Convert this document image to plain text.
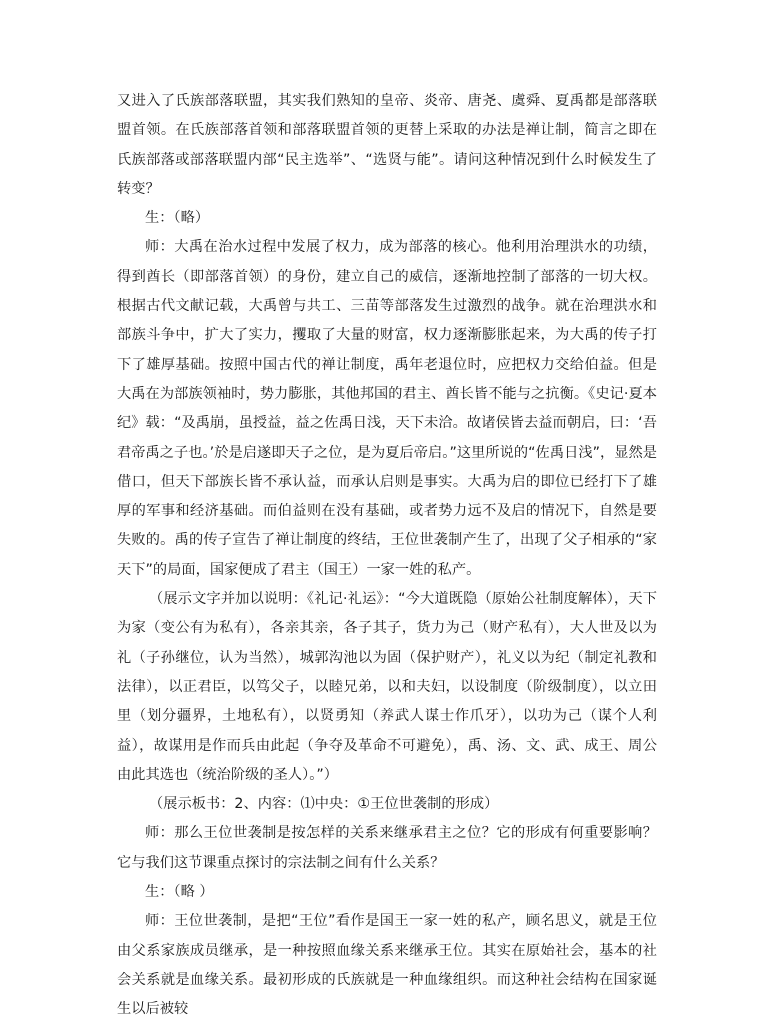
又进入了氏族部落联盟，其实我们熟知的皇帝、炎帝、唐尧、虞舜、夏禹都是部落联盟首领。在氏族部落首领和部落联盟首领的更替上采取的办法是禅让制，简言之即在氏族部落或部落联盟内部“民主选举”、“选贤与能”。请问这种情况到什么时候发生了转变？

生：（略）

师：大禹在治水过程中发展了权力，成为部落的核心。他利用治理洪水的功绩，得到酋长（即部落首领）的身份，建立自己的威信，逐渐地控制了部落的一切大权。根据古代文献记载，大禹曾与共工、三苗等部落发生过激烈的战争。就在治理洪水和部族斗争中，扩大了实力，攫取了大量的财富，权力逐渐膨胀起来，为大禹的传子打下了雄厚基础。按照中国古代的禅让制度，禹年老退位时，应把权力交给伯益。但是大禹在为部族领袖时，势力膨胀，其他邦国的君主、酋长皆不能与之抗衡。《史记·夏本纪》载：“及禹崩，虽授益，益之佐禹日浅，天下未洽。故诸侯皆去益而朝启，曰：‘吾君帝禹之子也。’於是启遂即天子之位，是为夏后帝启。”这里所说的“佐禹日浅”，显然是借口，但天下部族长皆不承认益，而承认启则是事实。大禹为启的即位已经打下了雄厚的军事和经济基础。而伯益则在没有基础，或者势力远不及启的情况下，自然是要失败的。禹的传子宣告了禅让制度的终结，王位世袭制产生了，出现了父子相承的“家天下”的局面，国家便成了君主（国王）一家一姓的私产。

（展示文字并加以说明：《礼记·礼运》：“今大道既隐（原始公社制度解体），天下为家（变公有为私有），各亲其亲，各子其子，货力为己（财产私有），大人世及以为礼（子孙继位，认为当然），城郭沟池以为固（保护财产），礼义以为纪（制定礼教和法律），以正君臣，以笃父子，以睦兄弟，以和夫妇，以设制度（阶级制度），以立田里（划分疆界，土地私有），以贤勇知（养武人谋士作爪牙），以功为己（谋个人利益），故谋用是作而兵由此起（争夺及革命不可避免），禹、汤、文、武、成王、周公由此其选也（统治阶级的圣人）。”）

（展示板书：2、内容：⑴中央：①王位世袭制的形成）

师：那么王位世袭制是按怎样的关系来继承君主之位？它的形成有何重要影响？它与我们这节课重点探讨的宗法制之间有什么关系？

生：（略 ）

师：王位世袭制，是把“王位”看作是国王一家一姓的私产，顾名思义，就是王位由父系家族成员继承，是一种按照血缘关系来继承王位。其实在原始社会，基本的社会关系就是血缘关系。最初形成的氏族就是一种血缘组织。而这种社会结构在国家诞生以后被较
